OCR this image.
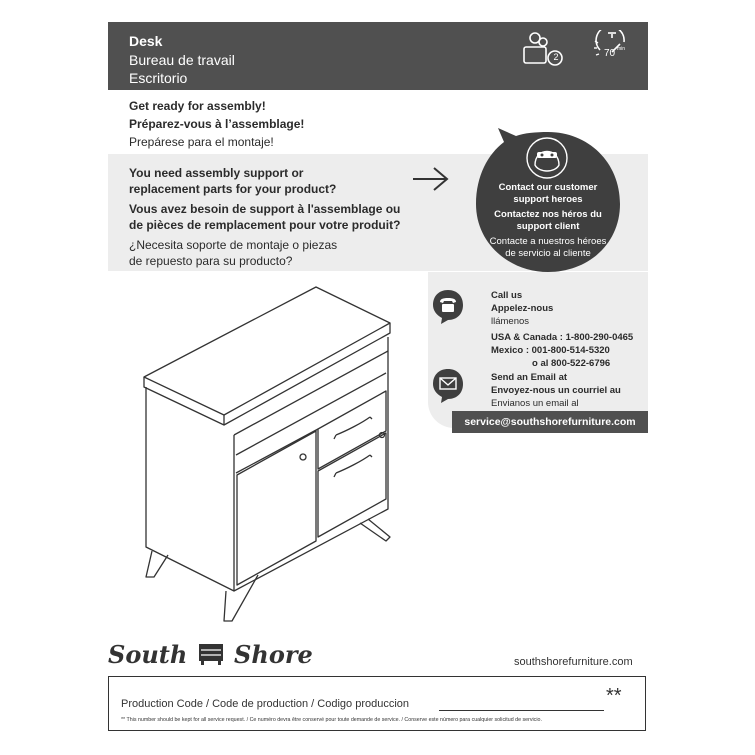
Desk
Bureau de travail
Escritorio
2	70 min
Get ready for assembly!
Préparez-vous à l’assemblage!
Prepárese para el montaje!

You need assembly support or
replacement parts for your product?

Vous avez besoin de support à l'assemblage ou
de pièces de remplacement pour votre produit?

¿Necesita soporte de montaje o piezas
de repuesto para su producto?

Contact our customer
support heroes

Contactez nos héros du
support client

Contacte a nuestros héroes
de servicio al cliente

Call us
Appelez-nous
llámenos
USA & Canada : 1-800-290-0465
Mexico : 001-800-514-5320
o al 800-522-6796
Send an Email at
Envoyez-nous un courriel au
Envianos un email al
service@southshorefurniture.com
South Shore	southshorefurniture.com
Production Code / Code de production / Codigo produccion	**
** This number should be kept for all service request. / Ce numéro devra être conservé pour toute demande de service. / Conserve este número para cualquier solicitud de servicio.
